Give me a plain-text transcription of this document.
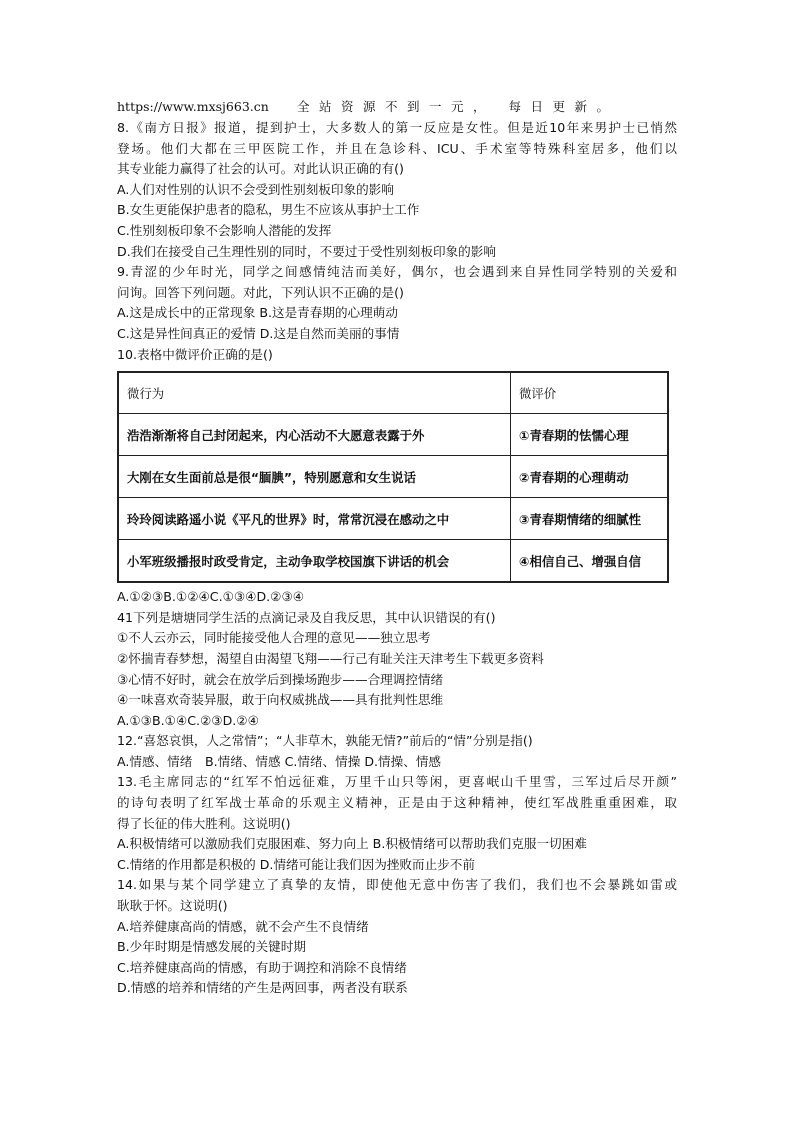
https://www.mxsj663.cn 全站资源不到一元， 每日更新。
8.《南方日报》报道，提到护士，大多数人的第一反应是女性。但是近10年来男护士已悄然
登场。他们大都在三甲医院工作，并且在急诊科、ICU、手术室等特殊科室居多，他们以
其专业能力赢得了社会的认可。对此认识正确的有()
A.人们对性别的认识不会受到性别刻板印象的影响
B.女生更能保护患者的隐私，男生不应该从事护士工作
C.性别刻板印象不会影响人潜能的发挥
D.我们在接受自己生理性别的同时，不要过于受性别刻板印象的影响
9.青涩的少年时光，同学之间感情纯洁而美好，偶尔，也会遇到来自异性同学特别的关爱和
问询。回答下列问题。对此，下列认识不正确的是()
A.这是成长中的正常现象 B.这是青春期的心理萌动
C.这是异性间真正的爱情 D.这是自然而美丽的事情
10.表格中微评价正确的是()
微行为	微评价
浩浩渐渐将自己封闭起来，内心活动不大愿意表露于外	①青春期的怯懦心理
大刚在女生面前总是很“腼腆”，特别愿意和女生说话	②青春期的心理萌动
玲玲阅读路遥小说《平凡的世界》时，常常沉浸在感动之中	③青春期情绪的细腻性
小军班级播报时政受肯定，主动争取学校国旗下讲话的机会	④相信自己、增强自信
A.①②③B.①②④C.①③④D.②③④
41下列是塘塘同学生活的点滴记录及自我反思，其中认识错误的有()
①不人云亦云，同时能接受他人合理的意见——独立思考
②怀揣青春梦想，渴望自由渴望飞翔——行己有耻关注天津考生下载更多资料
③心情不好时，就会在放学后到操场跑步——合理调控情绪
④一味喜欢奇装异服，敢于向权威挑战——具有批判性思维
A.①③B.①④C.②③D.②④
12.“喜怒哀惧，人之常情”；“人非草木，孰能无情?”前后的“情”分别是指()
A.情感、情绪　B.情绪、情感 C.情绪、情操 D.情操、情感
13.毛主席同志的“红军不怕远征难，万里千山只等闲，更喜岷山千里雪，三军过后尽开颜”
的诗句表明了红军战士革命的乐观主义精神，正是由于这种精神，使红军战胜重重困难，取
得了长征的伟大胜利。这说明()
A.积极情绪可以激励我们克服困难、努力向上 B.积极情绪可以帮助我们克服一切困难
C.情绪的作用都是积极的 D.情绪可能让我们因为挫败而止步不前
14.如果与某个同学建立了真挚的友情，即使他无意中伤害了我们，我们也不会暴跳如雷或
耿耿于怀。这说明()
A.培养健康高尚的情感，就不会产生不良情绪
B.少年时期是情感发展的关键时期
C.培养健康高尚的情感，有助于调控和消除不良情绪
D.情感的培养和情绪的产生是两回事，两者没有联系
